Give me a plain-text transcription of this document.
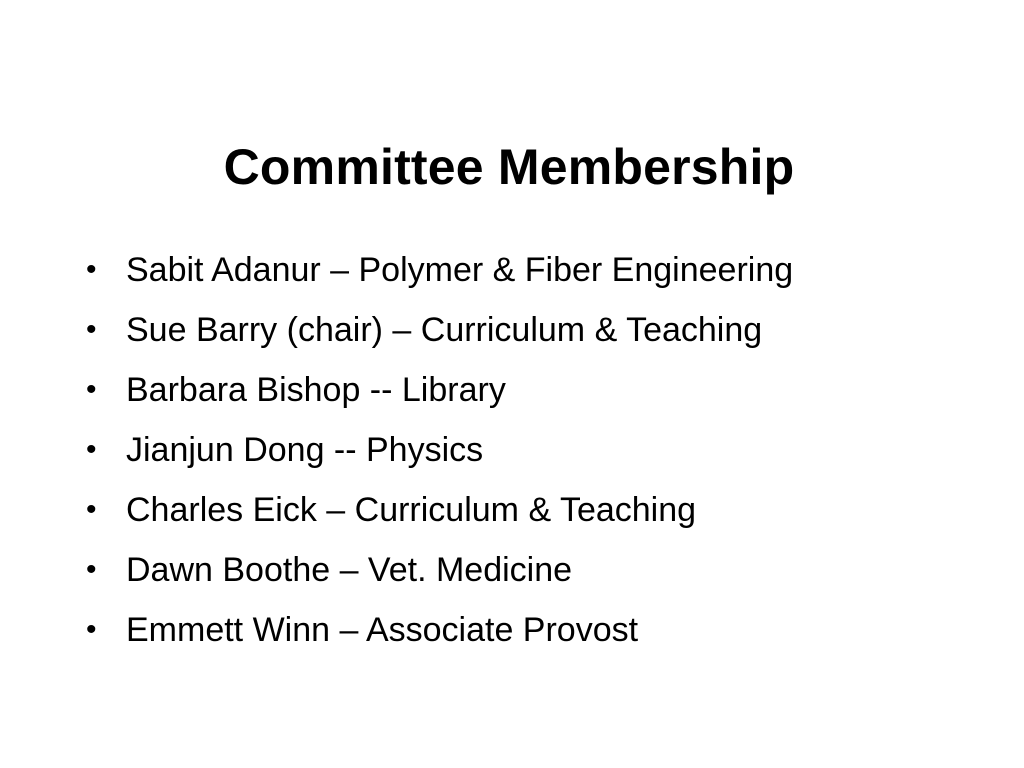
Committee Membership
• Sabit Adanur – Polymer & Fiber Engineering
• Sue Barry (chair) – Curriculum & Teaching
• Barbara Bishop -- Library
• Jianjun Dong -- Physics
• Charles Eick – Curriculum & Teaching
• Dawn Boothe – Vet. Medicine
• Emmett Winn – Associate Provost
